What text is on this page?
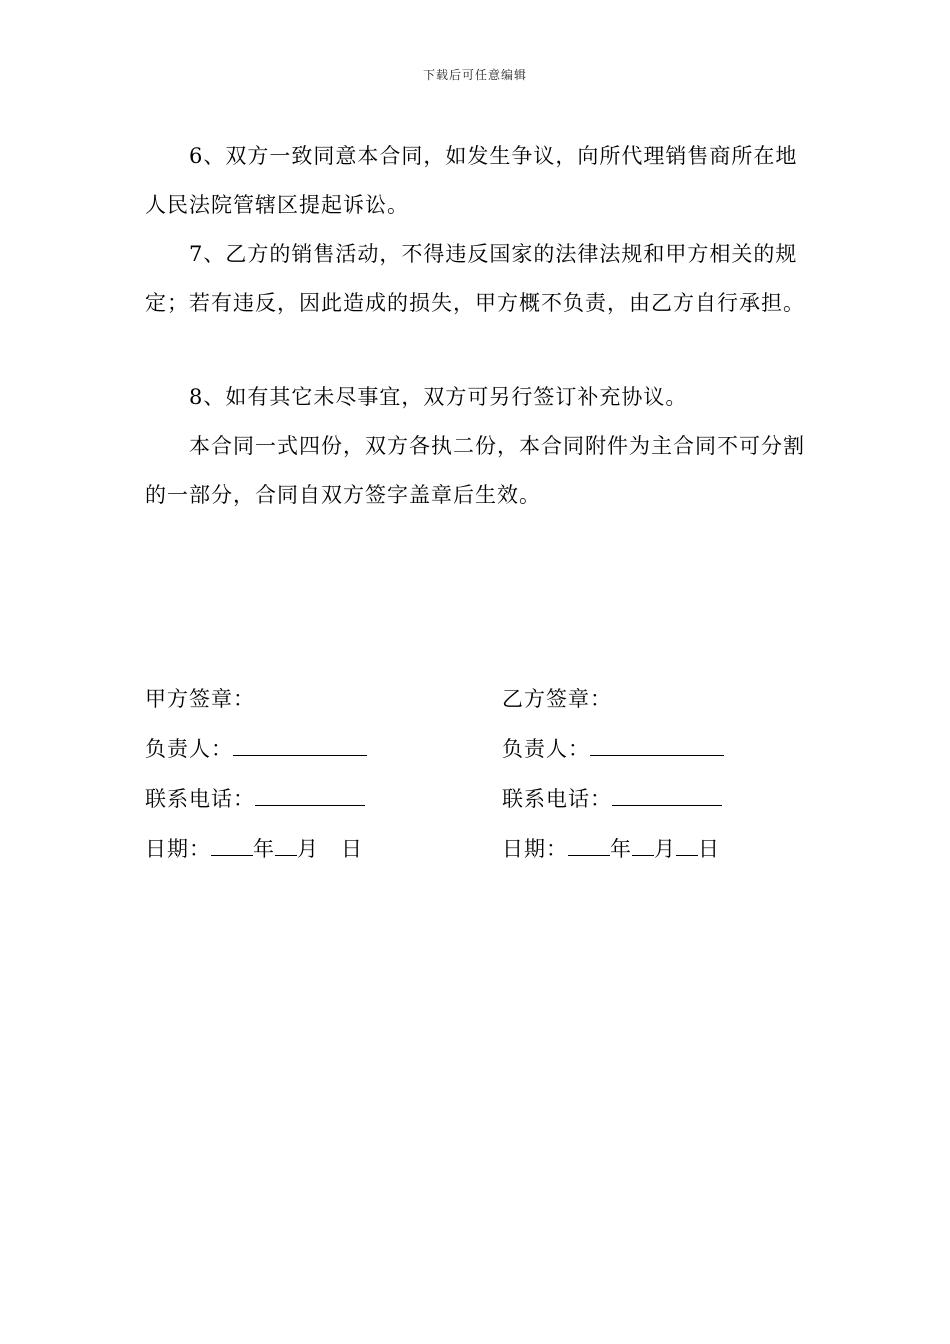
下载后可任意编辑

6、双方一致同意本合同，如发生争议，向所代理销售商所在地人民法院管辖区提起诉讼。

7、乙方的销售活动，不得违反国家的法律法规和甲方相关的规定；若有违反，因此造成的损失，甲方概不负责，由乙方自行承担。

8、如有其它未尽事宜，双方可另行签订补充协议。

本合同一式四份，双方各执二份，本合同附件为主合同不可分割的一部分，合同自双方签字盖章后生效。

甲方签章：
负责人：
联系电话：
日期： 年 月 日
乙方签章：
负责人：
联系电话：
日期： 年 月 日
